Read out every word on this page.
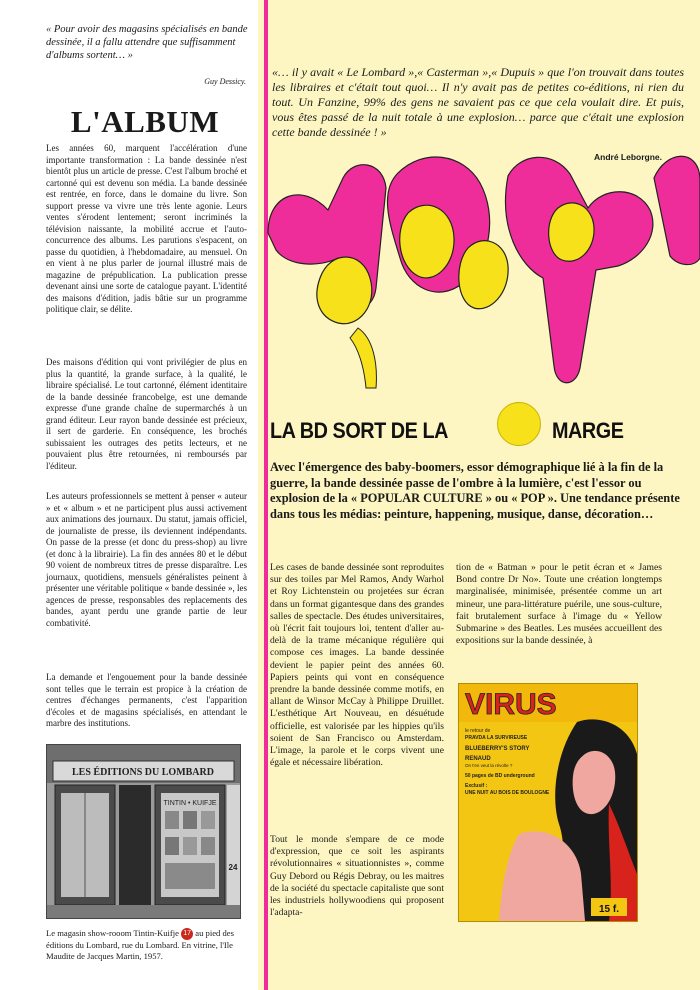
« Pour avoir des magasins spécialisés en bande dessinée, il a fallu attendre que suffisamment d'albums sortent… »
Guy Dessicy.
L'ALBUM
Les années 60, marquent l'accélération d'une importante transformation : La bande dessinée n'est bientôt plus un article de presse. C'est l'album broché et cartonné qui est devenu son média. La bande dessinée est rentrée, en force, dans le domaine du livre. Son support presse va vivre une très lente agonie. Leurs ventes s'érodent lentement; seront incriminés la télévision naissante, la mobilité accrue et l'auto-concurrence des albums. Les parutions s'espacent, on passe du quotidien, à l'hebdomadaire, au mensuel. On en vient à ne plus parler de journal illustré mais de magazine de prépublication. La publication presse devenant ainsi une sorte de catalogue payant. L'identité des maisons d'édition, jadis bâtie sur un programme politique clair, se délite.
Des maisons d'édition qui vont privilégier de plus en plus la quantité, la grande surface, à la qualité, le libraire spécialisé. Le tout cartonné, élément identitaire de la bande dessinée francobelge, est une demande expresse d'une grande chaîne de supermarchés à un grand éditeur. Leur rayon bande dessinée est précieux, il sert de garderie. En conséquence, les brochés subissaient les outrages des petits lecteurs, et ne pouvaient plus être retournées, ni remboursés par l'éditeur.
Les auteurs professionnels se mettent à penser « auteur » et « album » et ne participent plus aussi activement aux animations des journaux. Du statut, jamais officiel, de journaliste de presse, ils deviennent indépendants. On passe de la presse (et donc du press-shop) au livre (et donc à la librairie). La fin des années 80 et le début 90 voient de nombreux titres de presse disparaître. Les journaux, quotidiens, mensuels généralistes peinent à présenter une véritable politique « bande dessinée », les agences de presse, responsables des replacements des bandes, ayant perdu une grande partie de leur combativité.
La demande et l'engouement pour la bande dessinée sont telles que le terrain est propice à la création de centres d'échanges permanents, c'est l'apparition d'écoles et de magasins spécialisés, en attendant le marbre des institutions.
LES ÉDITIONS DU LOMBARD
TINTIN • KUIFJE
24
Le magasin show-rooom Tintin-Kuifje 17 au pied des éditions du Lombard, rue du Lombard. En vitrine, l'Ile Maudite de Jacques Martin, 1957.
«… il y avait « Le Lombard »,« Casterman »,« Dupuis » que l'on trouvait dans toutes les libraires et c'était tout quoi… Il n'y avait pas de petites co-éditions, ni rien du tout. Un Fanzine, 99% des gens ne savaient pas ce que cela voulait dire. Et puis, vous êtes passé de la nuit totale à une explosion… parce que c'était une explosion cette bande dessinée ! »
André Leborgne.
POP
LA BD SORT DE LA	MARGE
Avec l'émergence des baby-boomers, essor démographique lié à la fin de la guerre, la bande dessinée passe de l'ombre à la lumière, c'est l'essor ou explosion de la « POPULAR CULTURE » ou « POP ». Une tendance présente dans tous les médias: peinture, happening, musique, danse, décoration…
Les cases de bande dessinée sont reproduites sur des toiles par Mel Ramos, Andy Warhol et Roy Lichtenstein ou projetées sur écran dans un format gigantesque dans des grandes salles de spectacle. Des études universitaires, où l'écrit fait toujours loi, tentent d'aller au-delà de la trame mécanique régulière qui compose ces images. La bande dessinée devient le papier peint des années 60. Papiers peints qui vont en conséquence prendre la bande dessinée comme motifs, en allant de Winsor McCay à Philippe Druillet. L'esthétique Art Nouveau, en désuétude officielle, est valorisée par les hippies qu'ils soient de San Francisco ou Amsterdam. L'image, la parole et le corps vivent une égale et nécessaire libération.
Tout le monde s'empare de ce mode d'expression, que ce soit les aspirants révolutionnaires « situationnistes », comme Guy Debord ou Régis Debray, ou les maitres de la société du spectacle capitaliste que sont les industriels hollywoodiens qui proposent l'adapta-
tion de « Batman » pour le petit écran et « James Bond contre Dr No». Toute une création longtemps marginalisée, minimisée, présentée comme un art mineur, une para-littérature puérile, une sous-culture, fait brutalement surface à l'image du « Yellow Submarine » des Beatles. Les musées accueillent des expositions sur la bande dessinée, à
VIRUS
le retour de
PRAVDA LA SURVIREUSE
BLUEBERRY'S STORY
RENAUD
On t'en veut la révolte ?
50 pages de BD underground
Exclusif :
UNE NUIT AU BOIS DE BOULOGNE
15 f.
